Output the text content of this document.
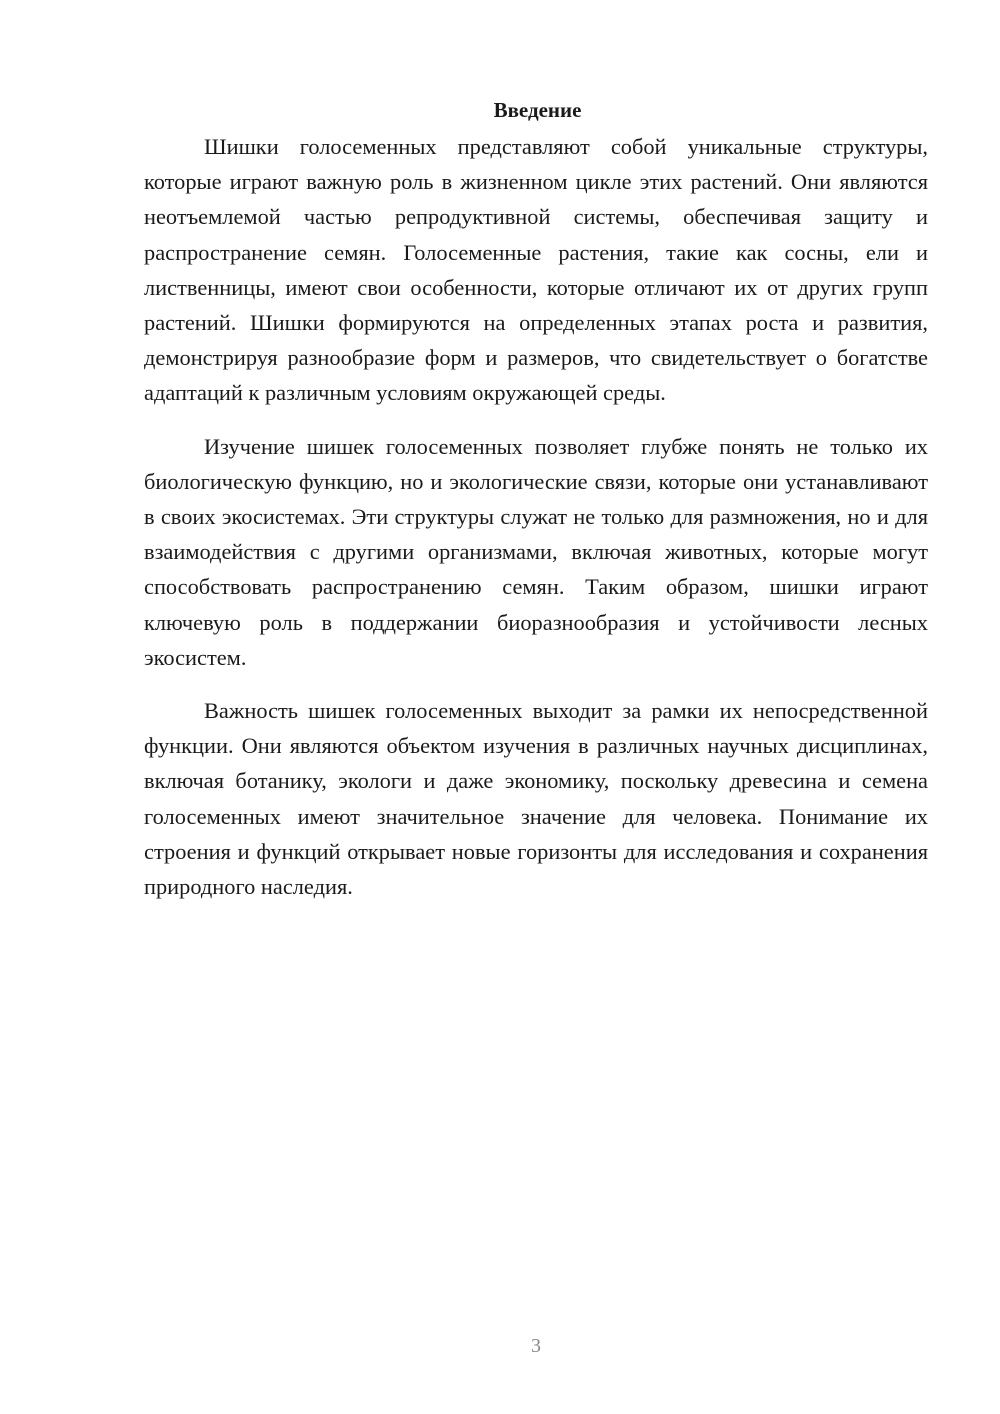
Введение

Шишки голосеменных представляют собой уникальные структуры, которые играют важную роль в жизненном цикле этих растений. Они являются неотъемлемой частью репродуктивной системы, обеспечивая защиту и распространение семян. Голосеменные растения, такие как сосны, ели и лиственницы, имеют свои особенности, которые отличают их от других групп растений. Шишки формируются на определенных этапах роста и развития, демонстрируя разнообразие форм и размеров, что свидетельствует о богатстве адаптаций к различным условиям окружающей среды.

Изучение шишек голосеменных позволяет глубже понять не только их биологическую функцию, но и экологические связи, которые они устанавливают в своих экосистемах. Эти структуры служат не только для размножения, но и для взаимодействия с другими организмами, включая животных, которые могут способствовать распространению семян. Таким образом, шишки играют ключевую роль в поддержании биоразнообразия и устойчивости лесных экосистем.

Важность шишек голосеменных выходит за рамки их непосредственной функции. Они являются объектом изучения в различных научных дисциплинах, включая ботанику, экологи и даже экономику, поскольку древесина и семена голосеменных имеют значительное значение для человека. Понимание их строения и функций открывает новые горизонты для исследования и сохранения природного наследия.

3
